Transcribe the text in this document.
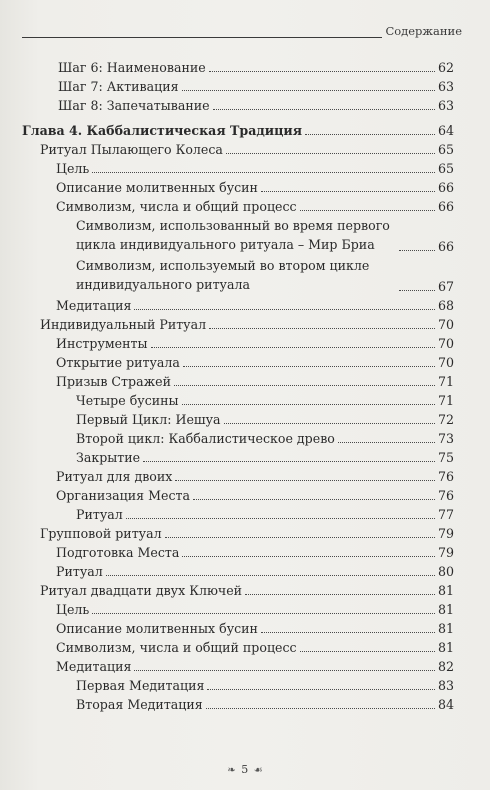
Содержание
Шаг 6: Наименование	62
Шаг 7: Активация	63
Шаг 8: Запечатывание	63
Глава 4. Каббалистическая Традиция	64
Ритуал Пылающего Колеса	65
Цель	65
Описание молитвенных бусин	66
Символизм, числа и общий процесс	66
Символизм, использованный во время первого цикла индивидуального ритуала – Мир Бриа	66
Символизм, используемый во втором цикле индивидуального ритуала	67
Медитация	68
Индивидуальный Ритуал	70
Инструменты	70
Открытие ритуала	70
Призыв Стражей	71
Четыре бусины	71
Первый Цикл: Иешуа	72
Второй цикл: Каббалистическое древо	73
Закрытие	75
Ритуал для двоих	76
Организация Места	76
Ритуал	77
Групповой ритуал	79
Подготовка Места	79
Ритуал	80
Ритуал двадцати двух Ключей	81
Цель	81
Описание молитвенных бусин	81
Символизм, числа и общий процесс	81
Медитация	82
Первая Медитация	83
Вторая Медитация	84
❧ 5 ☙
